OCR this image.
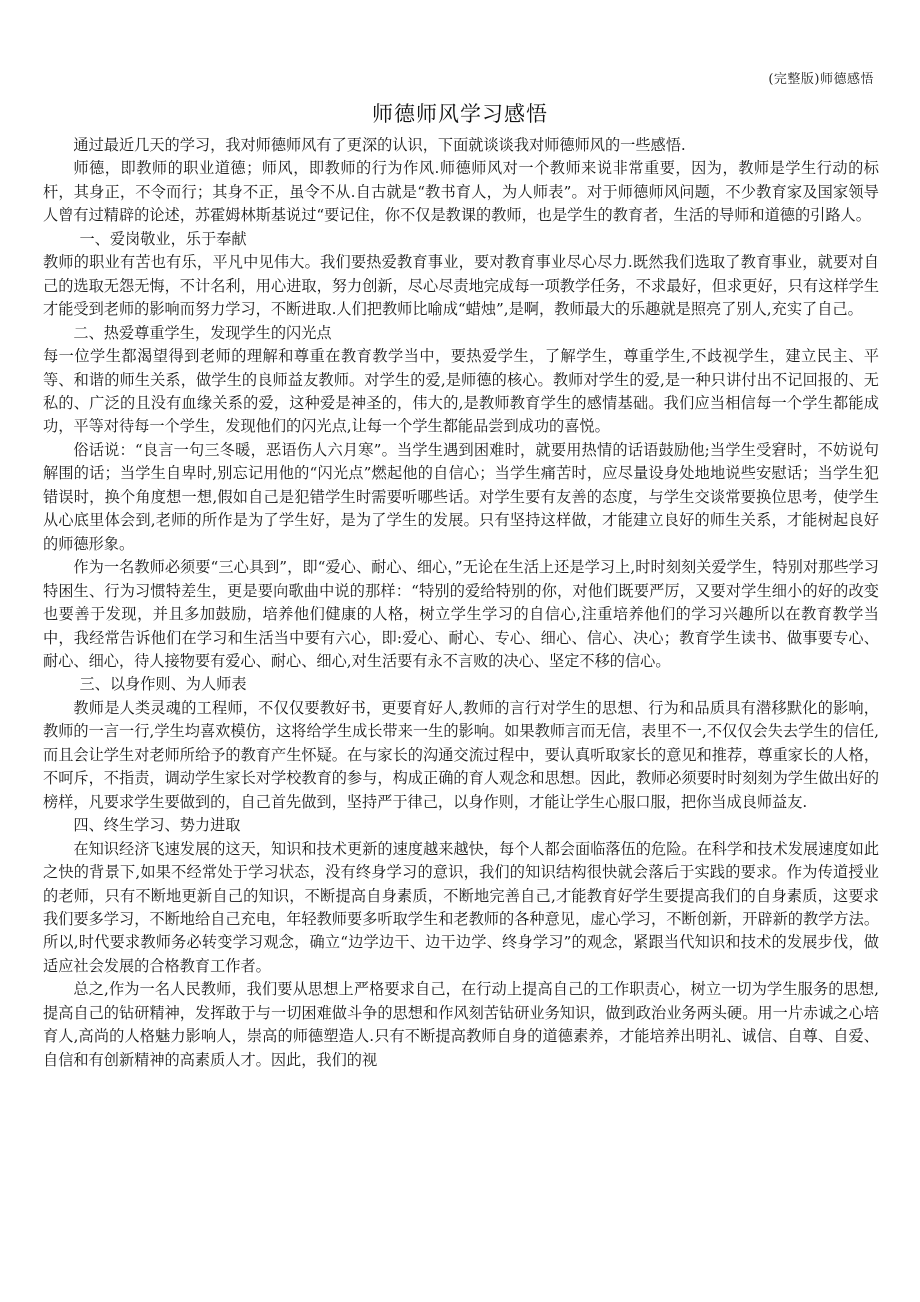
(完整版)师德感悟
师德师风学习感悟

通过最近几天的学习，我对师德师风有了更深的认识，下面就谈谈我对师德师风的一些感悟.

师德，即教师的职业道德；师风，即教师的行为作风.师德师风对一个教师来说非常重要，因为，教师是学生行动的标杆，其身正，不令而行；其身不正，虽令不从.自古就是“教书育人，为人师表”。对于师德师风问题，不少教育家及国家领导人曾有过精辟的论述，苏霍姆林斯基说过“要记住，你不仅是教课的教师，也是学生的教育者，生活的导师和道德的引路人。

一、爱岗敬业，乐于奉献

教师的职业有苦也有乐，平凡中见伟大。我们要热爱教育事业，要对教育事业尽心尽力.既然我们选取了教育事业，就要对自己的选取无怨无悔，不计名利，用心进取，努力创新，尽心尽责地完成每一项教学任务，不求最好，但求更好，只有这样学生才能受到老师的影响而努力学习，不断进取.人们把教师比喻成“蜡烛”,是啊，教师最大的乐趣就是照亮了别人,充实了自己。

二、热爱尊重学生，发现学生的闪光点

每一位学生都渴望得到老师的理解和尊重在教育教学当中，要热爱学生，了解学生，尊重学生,不歧视学生，建立民主、平等、和谐的师生关系，做学生的良师益友教师。对学生的爱,是师德的核心。教师对学生的爱,是一种只讲付出不记回报的、无私的、广泛的且没有血缘关系的爱，这种爱是神圣的，伟大的,是教师教育学生的感情基础。我们应当相信每一个学生都能成功，平等对待每一个学生，发现他们的闪光点,让每一个学生都能品尝到成功的喜悦。

俗话说：“良言一句三冬暖，恶语伤人六月寒”。当学生遇到困难时，就要用热情的话语鼓励他;当学生受窘时，不妨说句解围的话；当学生自卑时,别忘记用他的“闪光点”燃起他的自信心；当学生痛苦时，应尽量设身处地地说些安慰话；当学生犯错误时，换个角度想一想,假如自己是犯错学生时需要听哪些话。对学生要有友善的态度，与学生交谈常要换位思考，使学生从心底里体会到,老师的所作是为了学生好，是为了学生的发展。只有坚持这样做，才能建立良好的师生关系，才能树起良好的师德形象。

作为一名教师必须要“三心具到”，即“爱心、耐心、细心，”无论在生活上还是学习上,时时刻刻关爱学生，特别对那些学习特困生、行为习惯特差生，更是要向歌曲中说的那样：“特别的爱给特别的你，对他们既要严厉，又要对学生细小的好的改变也要善于发现，并且多加鼓励，培养他们健康的人格，树立学生学习的自信心,注重培养他们的学习兴趣所以在教育教学当中，我经常告诉他们在学习和生活当中要有六心，即:爱心、耐心、专心、细心、信心、决心；教育学生读书、做事要专心、耐心、细心，待人接物要有爱心、耐心、细心,对生活要有永不言败的决心、坚定不移的信心。

三、以身作则、为人师表

教师是人类灵魂的工程师，不仅仅要教好书，更要育好人,教师的言行对学生的思想、行为和品质具有潜移默化的影响，教师的一言一行,学生均喜欢模仿，这将给学生成长带来一生的影响。如果教师言而无信，表里不一,不仅仅会失去学生的信任,而且会让学生对老师所给予的教育产生怀疑。在与家长的沟通交流过程中，要认真听取家长的意见和推荐，尊重家长的人格，不呵斥，不指责，调动学生家长对学校教育的参与，构成正确的育人观念和思想。因此，教师必须要时时刻刻为学生做出好的榜样，凡要求学生要做到的，自己首先做到，坚持严于律己，以身作则，才能让学生心服口服，把你当成良师益友.

四、终生学习、势力进取

在知识经济飞速发展的这天，知识和技术更新的速度越来越快，每个人都会面临落伍的危险。在科学和技术发展速度如此之快的背景下,如果不经常处于学习状态，没有终身学习的意识，我们的知识结构很快就会落后于实践的要求。作为传道授业的老师，只有不断地更新自己的知识，不断提高自身素质，不断地完善自己,才能教育好学生要提高我们的自身素质，这要求我们要多学习，不断地给自己充电，年轻教师要多听取学生和老教师的各种意见，虚心学习，不断创新，开辟新的教学方法。所以,时代要求教师务必转变学习观念，确立“边学边干、边干边学、终身学习”的观念，紧跟当代知识和技术的发展步伐，做适应社会发展的合格教育工作者。

总之,作为一名人民教师，我们要从思想上严格要求自己，在行动上提高自己的工作职责心，树立一切为学生服务的思想,提高自己的钻研精神，发挥敢于与一切困难做斗争的思想和作风刻苦钻研业务知识，做到政治业务两头硬。用一片赤诚之心培育人,高尚的人格魅力影响人，崇高的师德塑造人.只有不断提高教师自身的道德素养，才能培养出明礼、诚信、自尊、自爱、自信和有创新精神的高素质人才。因此，我们的视
